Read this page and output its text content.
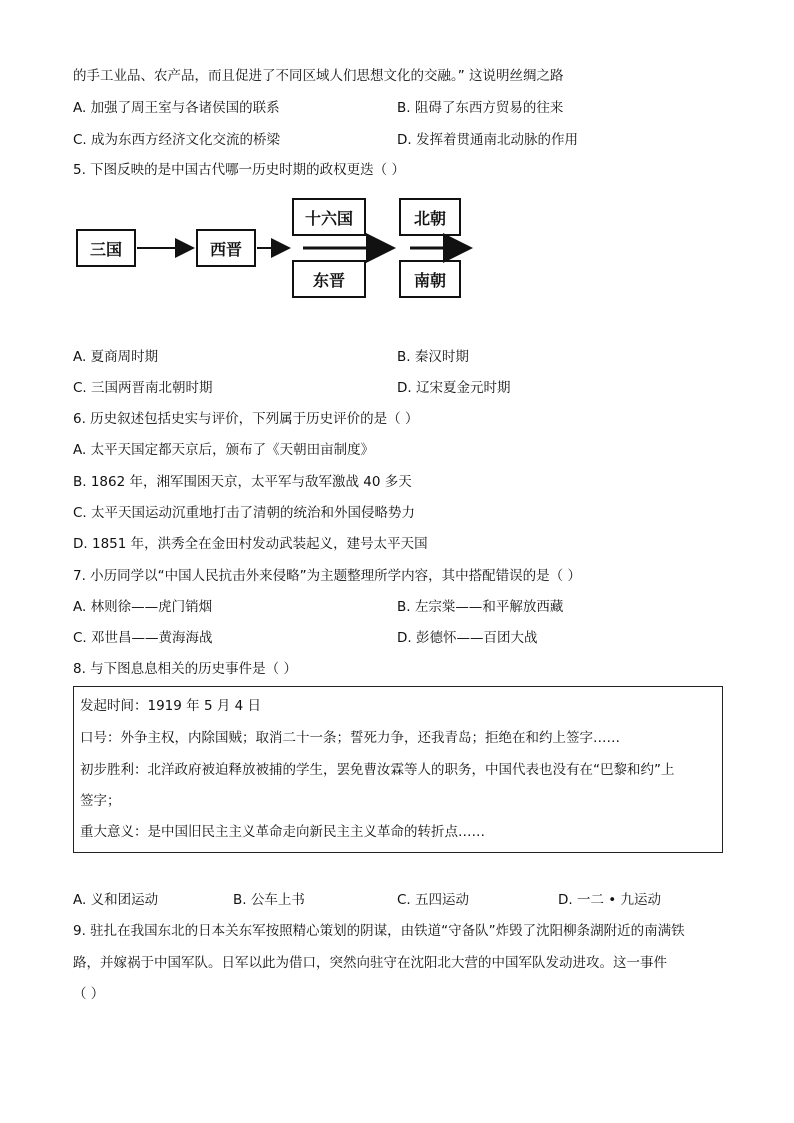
的手工业品、农产品，而且促进了不同区域人们思想文化的交融。” 这说明丝绸之路
A. 加强了周王室与各诸侯国的联系	B. 阻碍了东西方贸易的往来
C. 成为东西方经济文化交流的桥梁	D. 发挥着贯通南北动脉的作用
5. 下图反映的是中国古代哪一历史时期的政权更迭（ ）
三国	西晋
十六国
东晋
北朝
南朝
A. 夏商周时期	B. 秦汉时期
C. 三国两晋南北朝时期	D. 辽宋夏金元时期
6. 历史叙述包括史实与评价，下列属于历史评价的是（ ）
A. 太平天国定都天京后，颁布了《天朝田亩制度》
B. 1862 年，湘军围困天京，太平军与敌军激战 40 多天
C. 太平天国运动沉重地打击了清朝的统治和外国侵略势力
D. 1851 年，洪秀全在金田村发动武装起义，建号太平天国
7. 小历同学以“中国人民抗击外来侵略”为主题整理所学内容，其中搭配错误的是（ ）
A. 林则徐——虎门销烟	B. 左宗棠——和平解放西藏
C. 邓世昌——黄海海战	D. 彭德怀——百团大战
8. 与下图息息相关的历史事件是（ ）
发起时间：1919 年 5 月 4 日
口号：外争主权，内除国贼；取消二十一条；誓死力争，还我青岛；拒绝在和约上签字……
初步胜利：北洋政府被迫释放被捕的学生，罢免曹汝霖等人的职务，中国代表也没有在“巴黎和约”上
签字；
重大意义：是中国旧民主主义革命走向新民主主义革命的转折点……
A. 义和团运动	B. 公车上书	C. 五四运动	D. 一二 • 九运动
9. 驻扎在我国东北的日本关东军按照精心策划的阴谋，由铁道“守备队”炸毁了沈阳柳条湖附近的南满铁
路，并嫁祸于中国军队。日军以此为借口，突然向驻守在沈阳北大营的中国军队发动进攻。这一事件
（ ）
